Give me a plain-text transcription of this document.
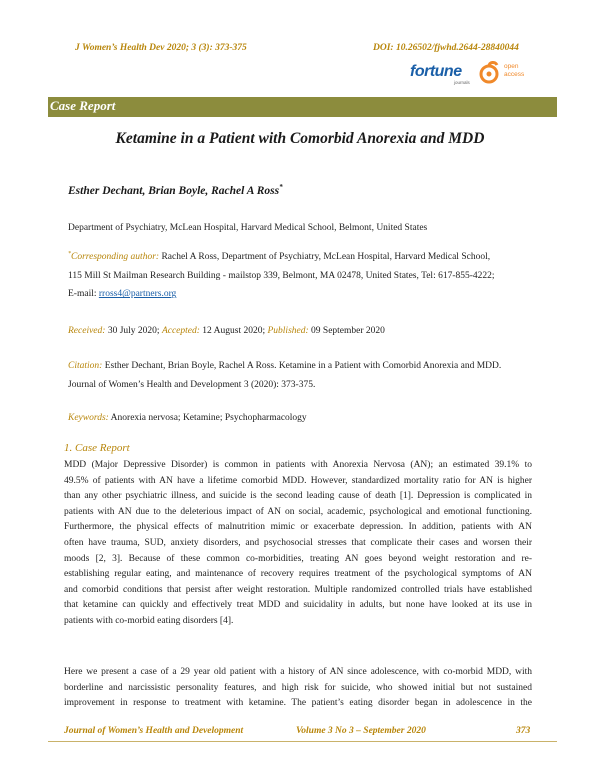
J Women’s Health Dev 2020; 3 (3): 373-375	DOI: 10.26502/fjwhd.2644-28840044
fortune
journals
open
access
Case Report
Ketamine in a Patient with Comorbid Anorexia and MDD
Esther Dechant, Brian Boyle, Rachel A Ross*
Department of Psychiatry, McLean Hospital, Harvard Medical School, Belmont, United States
*Corresponding author: Rachel A Ross, Department of Psychiatry, McLean Hospital, Harvard Medical School,
115 Mill St Mailman Research Building - mailstop 339, Belmont, MA 02478, United States, Tel: 617-855-4222;
E-mail: rross4@partners.org
Received: 30 July 2020; Accepted: 12 August 2020; Published: 09 September 2020
Citation: Esther Dechant, Brian Boyle, Rachel A Ross. Ketamine in a Patient with Comorbid Anorexia and MDD.
Journal of Women’s Health and Development 3 (2020): 373-375.
Keywords: Anorexia nervosa; Ketamine; Psychopharmacology
1. Case Report
MDD (Major Depressive Disorder) is common in patients with Anorexia Nervosa (AN); an estimated 39.1% to
49.5% of patients with AN have a lifetime comorbid MDD. However, standardized mortality ratio for AN is higher
than any other psychiatric illness, and suicide is the second leading cause of death [1]. Depression is complicated in
patients with AN due to the deleterious impact of AN on social, academic, psychological and emotional functioning.
Furthermore, the physical effects of malnutrition mimic or exacerbate depression. In addition, patients with AN
often have trauma, SUD, anxiety disorders, and psychosocial stresses that complicate their cases and worsen their
moods [2, 3]. Because of these common co-morbidities, treating AN goes beyond weight restoration and re-
establishing regular eating, and maintenance of recovery requires treatment of the psychological symptoms of AN
and comorbid conditions that persist after weight restoration. Multiple randomized controlled trials have established
that ketamine can quickly and effectively treat MDD and suicidality in adults, but none have looked at its use in
patients with co-morbid eating disorders [4].
Here we present a case of a 29 year old patient with a history of AN since adolescence, with co-morbid MDD, with
borderline and narcissistic personality features, and high risk for suicide, who showed initial but not sustained
improvement in response to treatment with ketamine. The patient’s eating disorder began in adolescence in the
Journal of Women’s Health and Development	Volume 3 No 3 – September 2020	373
